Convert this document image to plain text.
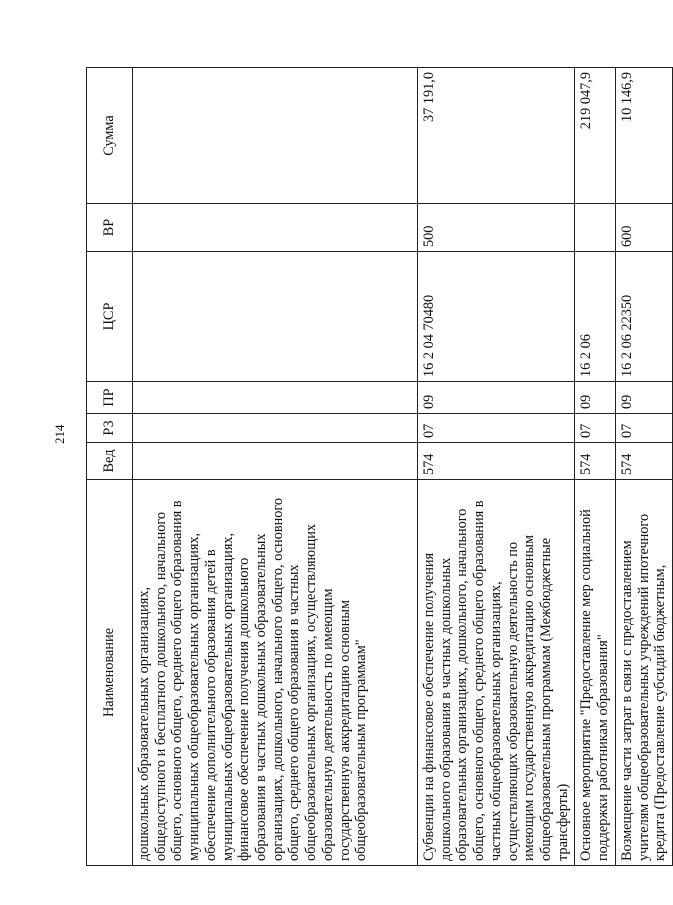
214
Наименование	Вед	РЗ	ПР	ЦСР	ВР	Сумма
дошкольных образовательных организациях, общедоступного и бесплатного дошкольного, начального общего, основного общего, среднего общего образования в муниципальных общеобразовательных организациях, обеспечение дополнительного образования детей в муниципальных общеобразовательных организациях, финансовое обеспечение получения дошкольного образования в частных дошкольных образовательных организациях, дошкольного, начального общего, основного общего, среднего общего образования в частных общеобразовательных организациях, осуществляющих образовательную деятельность по имеющим государственную аккредитацию основным общеобразовательным программам"						
Субвенции на финансовое обеспечение получения дошкольного образования в частных дошкольных образовательных организациях, дошкольного, начального общего, основного общего, среднего общего образования в частных общеобразовательных организациях, осуществляющих образовательную деятельность по имеющим государственную аккредитацию основным общеобразовательным программам (Межбюджетные трансферты)	574	07	09	16 2 04 70480	500	37 191,0
Основное мероприятие "Предоставление мер социальной поддержки работникам образования"	574	07	09	16 2 06		219 047,9
Возмещение части затрат в связи с предоставлением учителям общеобразовательных учреждений ипотечного кредита (Предоставление субсидий бюджетным,	574	07	09	16 2 06 22350	600	10 146,9
